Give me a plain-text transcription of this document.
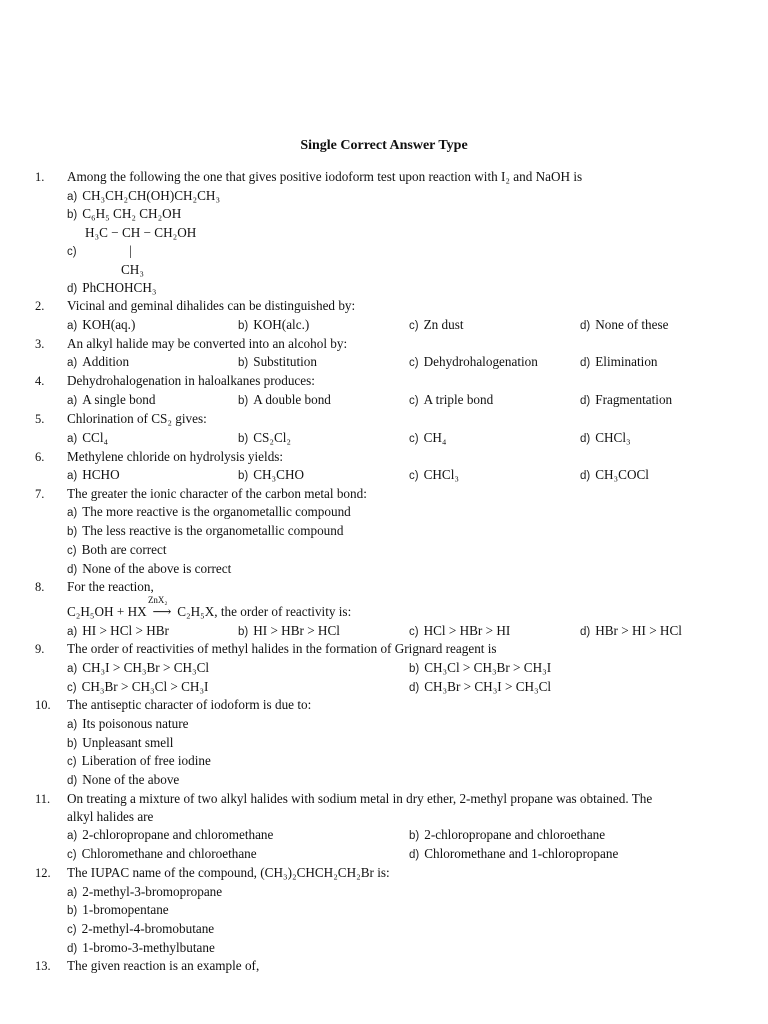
Single Correct Answer Type
1. Among the following the one that gives positive iodoform test upon reaction with I₂ and NaOH is
a) CH₃CH₂CH(OH)CH₂CH₃
b) C₆H₅ CH₂ CH₂OH
H₃C − CH − CH₂OH
c)	|
CH₃
d) PhCHOHCH₃
2. Vicinal and geminal dihalides can be distinguished by:
a) KOH(aq.)	b) KOH(alc.)	c) Zn dust	d) None of these
3. An alkyl halide may be converted into an alcohol by:
a) Addition	b) Substitution	c) Dehydrohalogenation	d) Elimination
4. Dehydrohalogenation in haloalkanes produces:
a) A single bond	b) A double bond	c) A triple bond	d) Fragmentation
5. Chlorination of CS₂ gives:
a) CCl₄	b) CS₂Cl₂	c) CH₄	d) CHCl₃
6. Methylene chloride on hydrolysis yields:
a) HCHO	b) CH₃CHO	c) CHCl₃	d) CH₃COCl
7. The greater the ionic character of the carbon metal bond:
a) The more reactive is the organometallic compound
b) The less reactive is the organometallic compound
c) Both are correct
d) None of the above is correct
8. For the reaction,
C₂H₅OH + HX
ZnX₂
⟶ C₂H₅X, the order of reactivity is:
a) HI > HCl > HBr	b) HI > HBr > HCl	c) HCl > HBr > HI	d) HBr > HI > HCl
9. The order of reactivities of methyl halides in the formation of Grignard reagent is
a) CH₃I > CH₃Br > CH₃Cl	b) CH₃Cl > CH₃Br > CH₃I
c) CH₃Br > CH₃Cl > CH₃I	d) CH₃Br > CH₃I > CH₃Cl
10. The antiseptic character of iodoform is due to:
a) Its poisonous nature
b) Unpleasant smell
c) Liberation of free iodine
d) None of the above
11. On treating a mixture of two alkyl halides with sodium metal in dry ether, 2-methyl propane was obtained. The
alkyl halides are
a) 2-chloropropane and chloromethane	b) 2-chloropropane and chloroethane
c) Chloromethane and chloroethane	d) Chloromethane and 1-chloropropane
12. The IUPAC name of the compound, (CH₃)₂CHCH₂CH₂Br is:
a) 2-methyl-3-bromopropane
b) 1-bromopentane
c) 2-methyl-4-bromobutane
d) 1-bromo-3-methylbutane
13. The given reaction is an example of,
